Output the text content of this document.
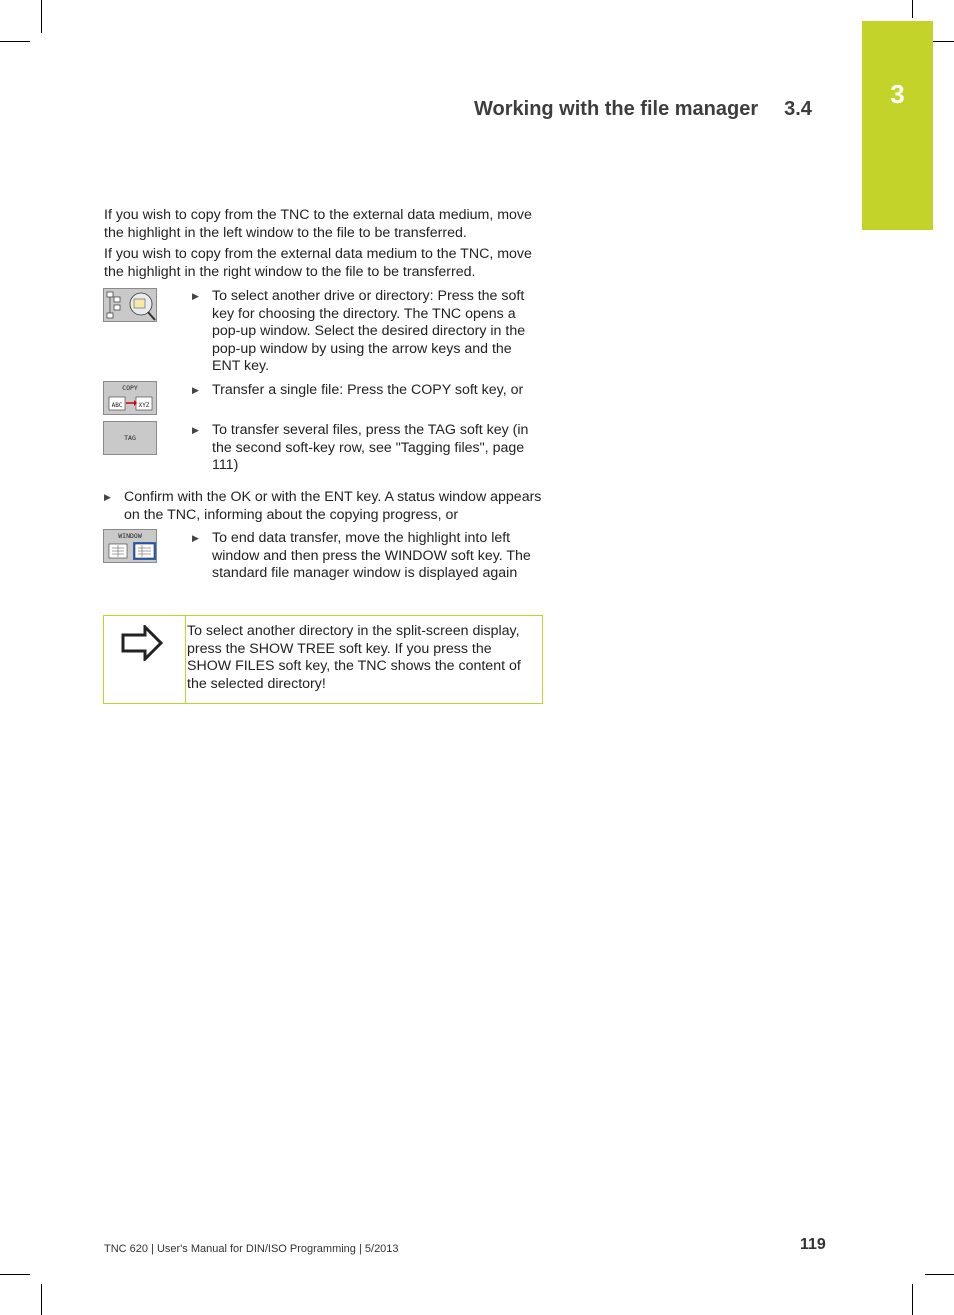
3
Working with the file manager 3.4

If you wish to copy from the TNC to the external data medium, move the highlight in the left window to the file to be transferred.

If you wish to copy from the external data medium to the TNC, move the highlight in the right window to the file to be transferred.

▶ To select another drive or directory: Press the soft key for choosing the directory. The TNC opens a pop-up window. Select the desired directory in the pop-up window by using the arrow keys and the ENT key.
COPY
ABC	XYZ
▶ Transfer a single file: Press the COPY soft key, or
TAG
▶ To transfer several files, press the TAG soft key (in the second soft-key row, see "Tagging files", page 111)
▶ Confirm with the OK or with the ENT key. A status window appears on the TNC, informing about the copying progress, or
WINDOW	▶ To end data transfer, move the highlight into left window and then press the WINDOW soft key. The standard file manager window is displayed again
To select another directory in the split-screen display, press the SHOW TREE soft key. If you press the SHOW FILES soft key, the TNC shows the content of the selected directory!
TNC 620 | User's Manual for DIN/ISO Programming | 5/2013	119
